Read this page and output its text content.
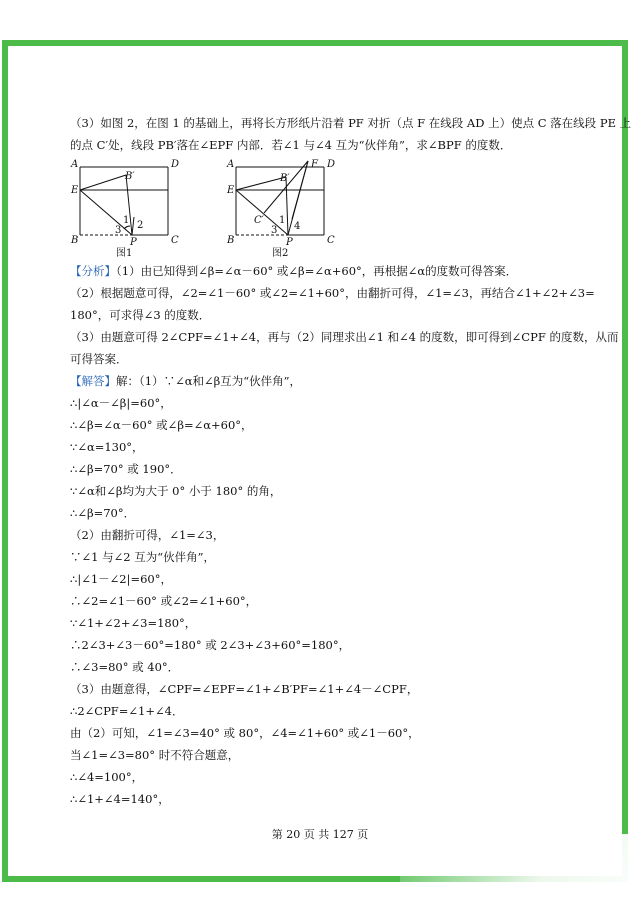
（3）如图 2，在图 1 的基础上，再将长方形纸片沿着 PF 对折（点 F 在线段 AD 上）使点 C 落在线段 PE 上
的点 C′处，线段 PB′落在∠EPF 内部．若∠1 与∠4 互为“伙伴角”，求∠BPF 的度数．
【分析】（1）由已知得到∠β=∠α－60° 或∠β=∠α+60°，再根据∠α的度数可得答案．
（2）根据题意可得，∠2=∠1－60° 或∠2=∠1+60°，由翻折可得，∠1=∠3，再结合∠1+∠2+∠3=
180°，可求得∠3 的度数．
（3）由题意可得 2∠CPF=∠1+∠4，再与（2）同理求出∠1 和∠4 的度数，即可得到∠CPF 的度数，从而
可得答案．
【解答】解：（1）∵∠α和∠β互为“伙伴角”，
∴|∠α－∠β|=60°，
∴∠β=∠α－60° 或∠β=∠α+60°，
∵∠α=130°，
∴∠β=70° 或 190°．
∵∠α和∠β均为大于 0° 小于 180° 的角，
∴∠β=70°．
（2）由翻折可得，∠1=∠3，
∵∠1 与∠2 互为“伙伴角”，
∴|∠1－∠2|=60°，
∴∠2=∠1－60° 或∠2=∠1+60°，
∵∠1+∠2+∠3=180°，
∴2∠3+∠3－60°=180° 或 2∠3+∠3+60°=180°，
∴∠3=80° 或 40°．
（3）由题意得，∠CPF=∠EPF=∠1+∠B′PF=∠1+∠4－∠CPF，
∴2∠CPF=∠1+∠4．
由（2）可知，∠1=∠3=40° 或 80°，∠4=∠1+60° 或∠1－60°，
当∠1=∠3=80° 时不符合题意，
∴∠4=100°，
∴∠1+∠4=140°，
A	D
E
B′
1 2
3
B	P	C
图1
A	F D
E
B′
C′ 1
3 4
B	P	C
图2
第 20 页 共 127 页
